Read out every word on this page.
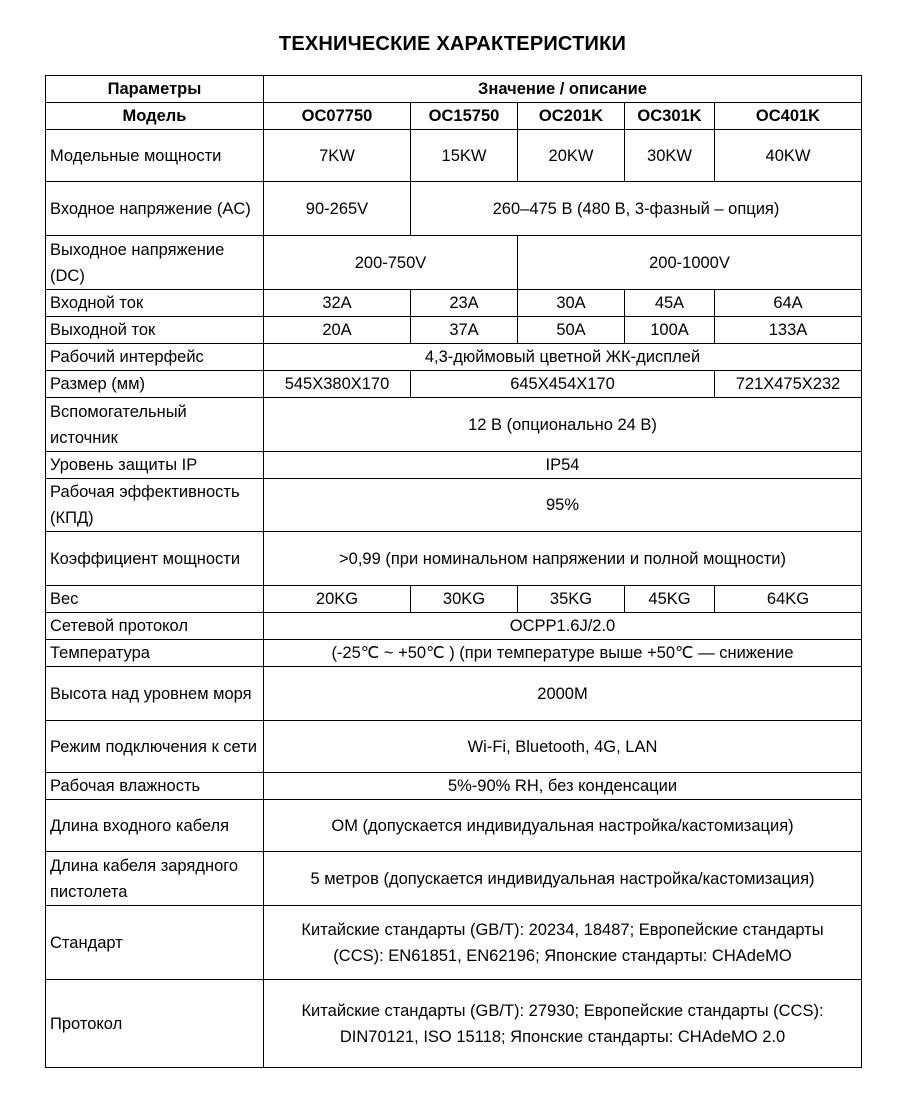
ТЕХНИЧЕСКИЕ ХАРАКТЕРИСТИКИ
Параметры	Значение / описание				
Модель	OC07750	OC15750	OC201K	OC301K	OC401K
Модельные мощности	7KW	15KW	20KW	30KW	40KW
Входное напряжение (AC)	90-265V	260–475 В (480 В, 3-фазный – опция)			
Выходное напряжение (DC)	200-750V		200-1000V		
Входной ток	32A	23A	30A	45A	64A
Выходной ток	20A	37A	50A	100A	133A
Рабочий интерфейс	4,3-дюймовый цветной ЖК-дисплей				
Размер (мм)	545X380X170	645X454X170			721X475X232
Вспомогательный источник	12 В (опционально 24 В)				
Уровень защиты IP	IP54				
Рабочая эффективность (КПД)	95%				
Коэффициент мощности	>0,99 (при номинальном напряжении и полной мощности)				
Вес	20KG	30KG	35KG	45KG	64KG
Сетевой протокол	OCPP1.6J/2.0				
Температура	(-25℃ ~ +50℃ ) (при температуре выше +50℃ — снижение				
Высота над уровнем моря	2000M				
Режим подключения к сети	Wi-Fi, Bluetooth, 4G, LAN				
Рабочая влажность	5%-90% RH, без конденсации				
Длина входного кабеля	OM (допускается индивидуальная настройка/кастомизация)				
Длина кабеля зарядного пистолета	5 метров (допускается индивидуальная настройка/кастомизация)				
Стандарт	Китайские стандарты (GB/T): 20234, 18487; Европейские стандарты (CCS): EN61851, EN62196; Японские стандарты: CHAdeMO				
Протокол	Китайские стандарты (GB/T): 27930; Европейские стандарты (CCS): DIN70121, ISO 15118; Японские стандарты: CHAdeMO 2.0				
